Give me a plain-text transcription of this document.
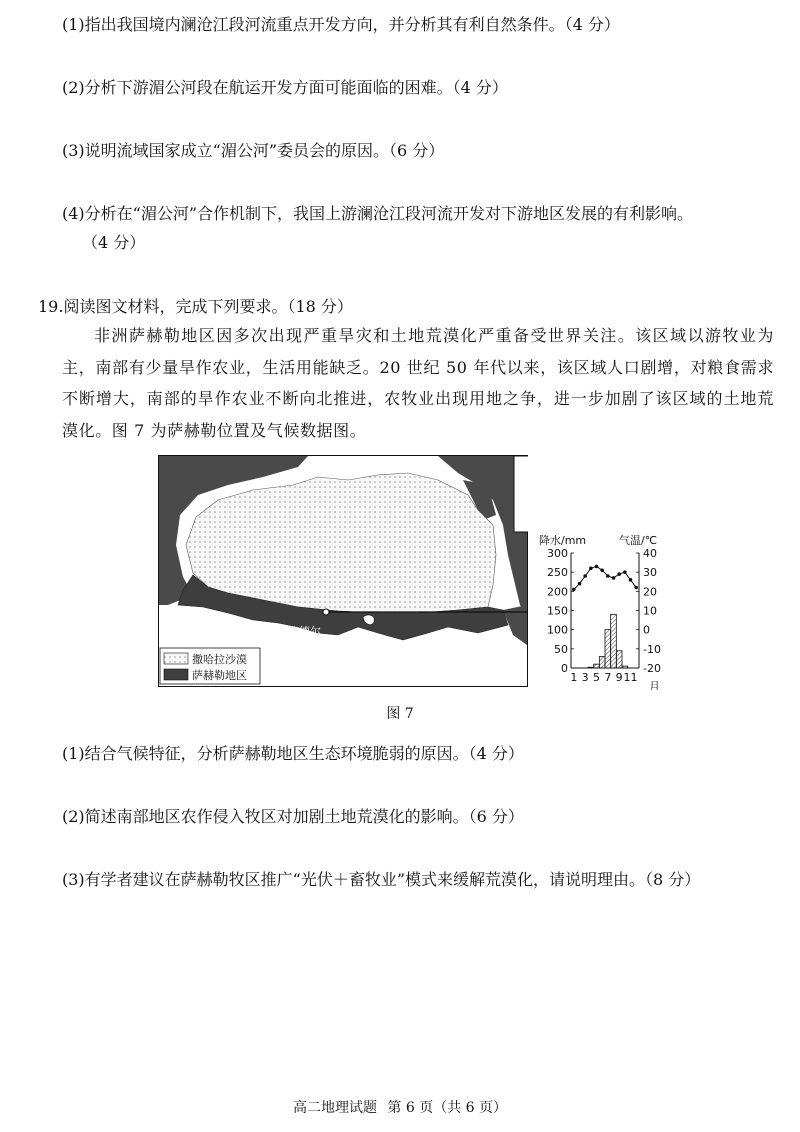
(1)指出我国境内澜沧江段河流重点开发方向，并分析其有利自然条件。（4 分）
(2)分析下游湄公河段在航运开发方面可能面临的困难。（4 分）
(3)说明流域国家成立“湄公河”委员会的原因。（6 分）
(4)分析在“湄公河”合作机制下，我国上游澜沧江段河流开发对下游地区发展的有利影响。
（4 分）
19.阅读图文材料，完成下列要求。（18 分）
非洲萨赫勒地区因多次出现严重旱灾和土地荒漠化严重备受世界关注。该区域以游牧业为主，南部有少量旱作农业，生活用能缺乏。20 世纪 50 年代以来，该区域人口剧增，对粮食需求不断增大，南部的旱作农业不断向北推进，农牧业出现用地之争，进一步加剧了该区域的土地荒漠化。图 7 为萨赫勒位置及气候数据图。
津德尔
撒哈拉沙漠
萨赫勒地区
降水/mm	气温/℃
300
250
200
150
100
50
0
40
30
20
10
0
-10
-20
1 3 5 7 9 11
月
图 7
(1)结合气候特征，分析萨赫勒地区生态环境脆弱的原因。（4 分）
(2)简述南部地区农作侵入牧区对加剧土地荒漠化的影响。（6 分）
(3)有学者建议在萨赫勒牧区推广“光伏＋畜牧业”模式来缓解荒漠化，请说明理由。（8 分）
高二地理试题 第 6 页（共 6 页）
